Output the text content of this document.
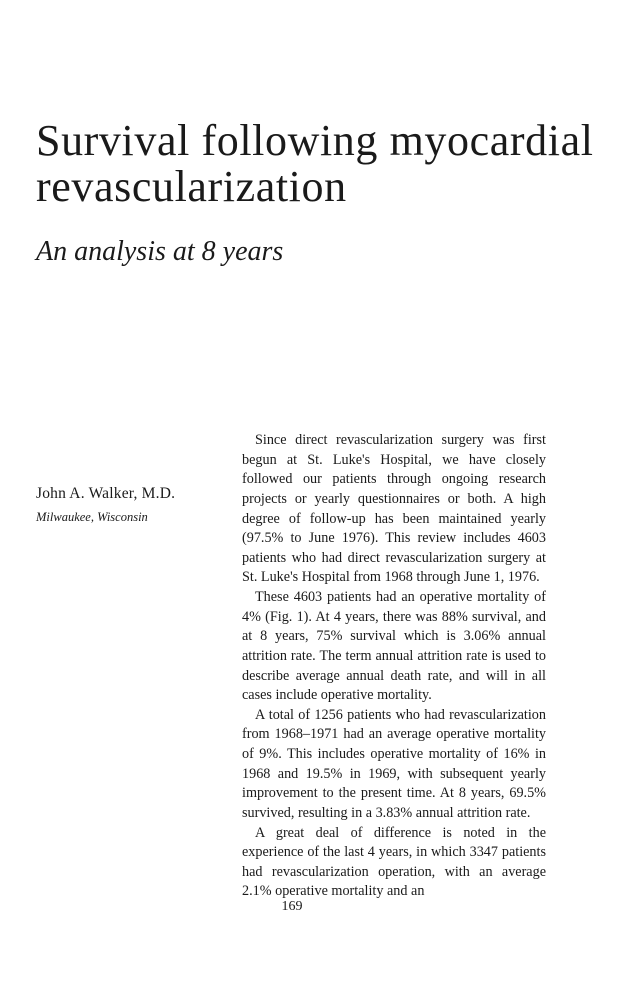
Survival following myocardial revascularization
An analysis at 8 years
John A. Walker, M.D.
Milwaukee, Wisconsin

Since direct revascularization surgery was first begun at St. Luke's Hospital, we have closely followed our patients through ongoing research projects or yearly questionnaires or both. A high degree of follow-up has been maintained yearly (97.5% to June 1976). This review includes 4603 patients who had direct revascularization surgery at St. Luke's Hospital from 1968 through June 1, 1976.

These 4603 patients had an operative mortality of 4% (Fig. 1). At 4 years, there was 88% survival, and at 8 years, 75% survival which is 3.06% annual attrition rate. The term annual attrition rate is used to describe average annual death rate, and will in all cases include operative mortality.

A total of 1256 patients who had revascularization from 1968–1971 had an average operative mortality of 9%. This includes operative mortality of 16% in 1968 and 19.5% in 1969, with subsequent yearly improvement to the present time. At 8 years, 69.5% survived, resulting in a 3.83% annual attrition rate.

A great deal of difference is noted in the experience of the last 4 years, in which 3347 patients had revascularization operation, with an average 2.1% operative mortality and an

169
